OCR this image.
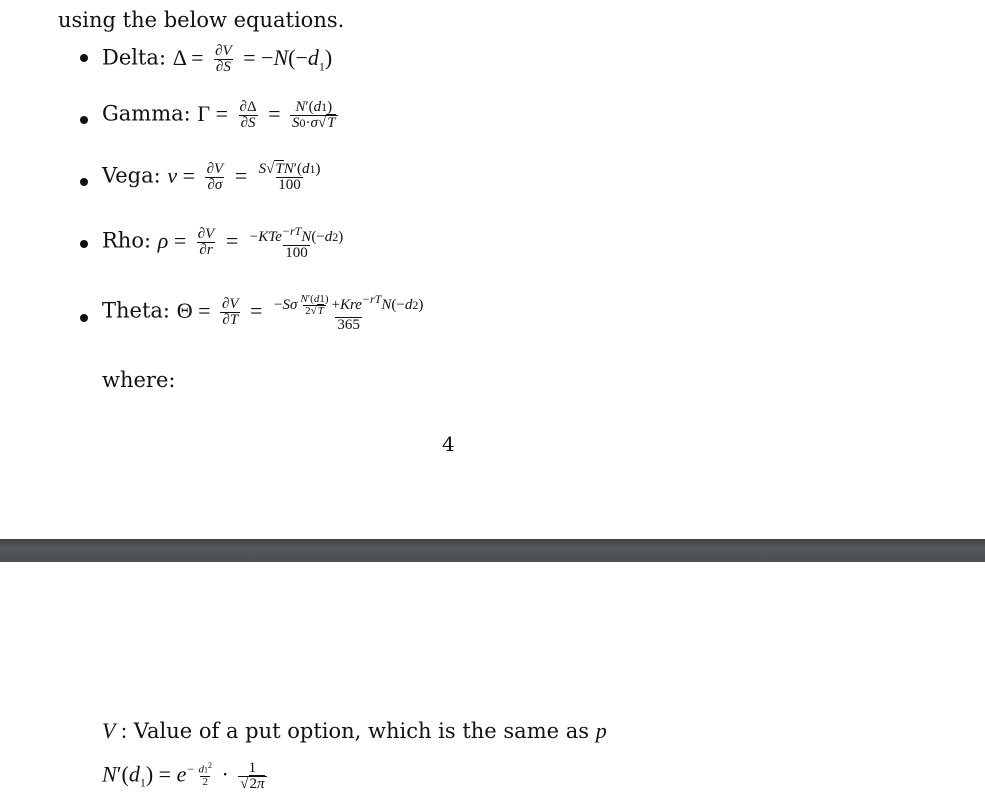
using the below equations.
Delta: $\Delta = \frac{\partial V}{\partial S} = -N(-d_1)$
Gamma: $\Gamma = \frac{\partial\Delta}{\partial S} = \frac{N'(d1)}{S0\cdot\sigma√T}$
Vega: $\nu = \frac{\partial V}{\partial\sigma} = \frac{S√TN'(d1)}{100}$
Rho: $\rho = \frac{\partial V}{\partial r} = \frac{-KTe^{-rT}N(-d2)}{100}$
Theta: $\Theta = \frac{\partial V}{\partial T} = \frac{-S\sigma \frac{N'(d1)}{2√T} +Kre^{-rT}N(-d2)}{365}$
where:
4
V : Value of a put option, which is the same as p
$N'(d_1) = e^- \frac{d1^2}{2} \cdot \frac{1}{√2\pi}$
